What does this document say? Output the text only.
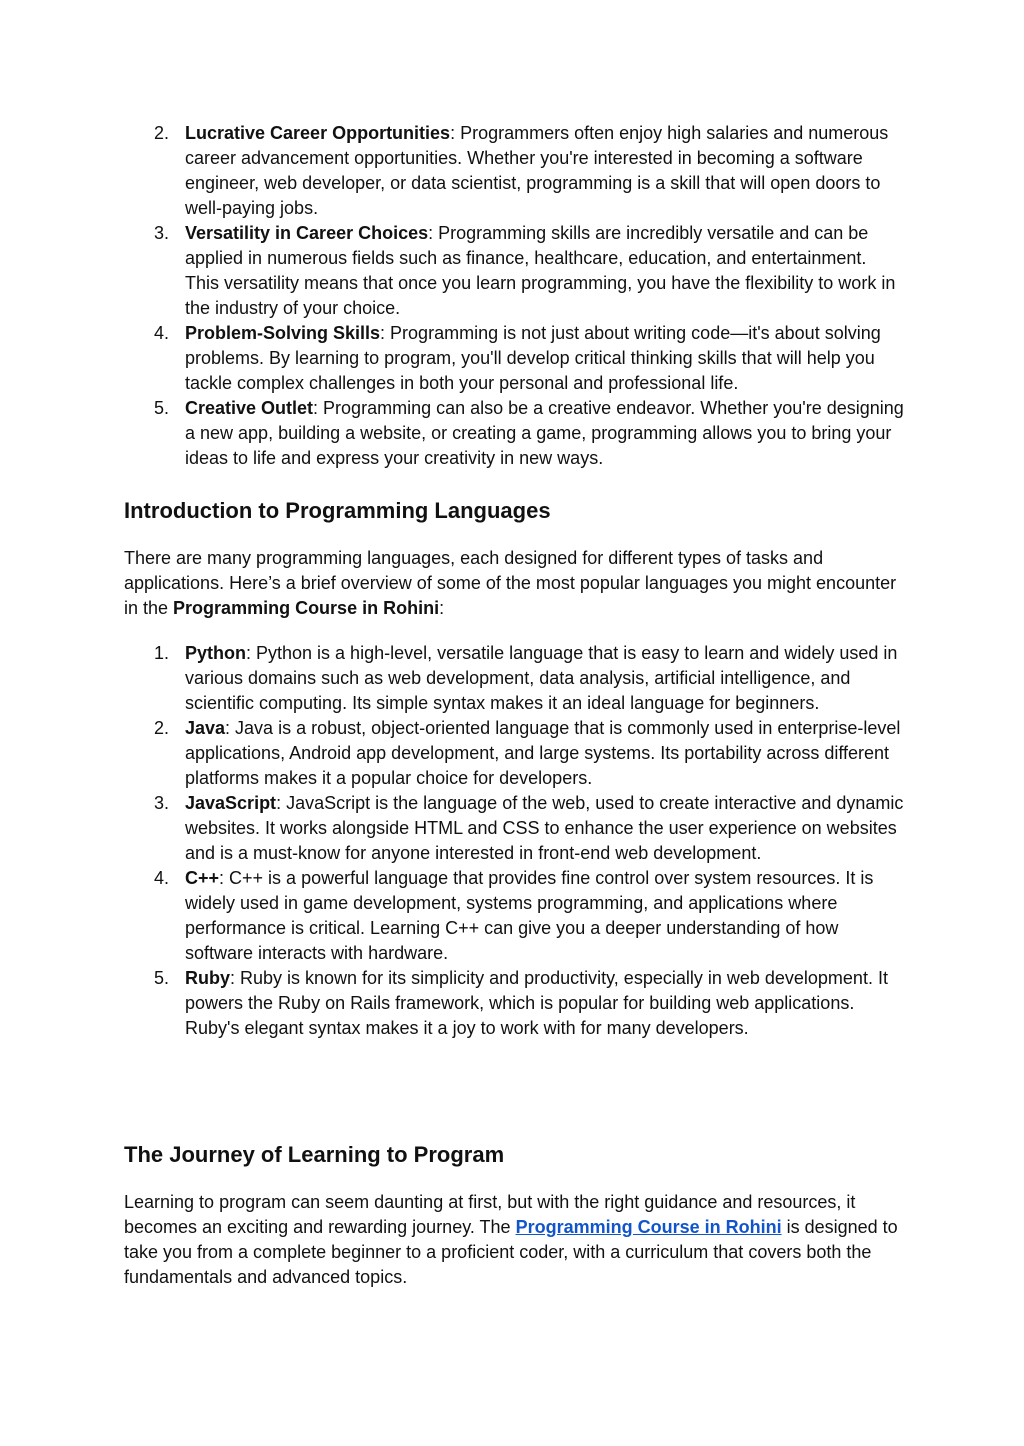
2. Lucrative Career Opportunities: Programmers often enjoy high salaries and numerous career advancement opportunities. Whether you're interested in becoming a software engineer, web developer, or data scientist, programming is a skill that will open doors to well-paying jobs.
3. Versatility in Career Choices: Programming skills are incredibly versatile and can be applied in numerous fields such as finance, healthcare, education, and entertainment. This versatility means that once you learn programming, you have the flexibility to work in the industry of your choice.
4. Problem-Solving Skills: Programming is not just about writing code—it's about solving problems. By learning to program, you'll develop critical thinking skills that will help you tackle complex challenges in both your personal and professional life.
5. Creative Outlet: Programming can also be a creative endeavor. Whether you're designing a new app, building a website, or creating a game, programming allows you to bring your ideas to life and express your creativity in new ways.
Introduction to Programming Languages

There are many programming languages, each designed for different types of tasks and applications. Here’s a brief overview of some of the most popular languages you might encounter in the Programming Course in Rohini:

1. Python: Python is a high-level, versatile language that is easy to learn and widely used in various domains such as web development, data analysis, artificial intelligence, and scientific computing. Its simple syntax makes it an ideal language for beginners.
2. Java: Java is a robust, object-oriented language that is commonly used in enterprise-level applications, Android app development, and large systems. Its portability across different platforms makes it a popular choice for developers.
3. JavaScript: JavaScript is the language of the web, used to create interactive and dynamic websites. It works alongside HTML and CSS to enhance the user experience on websites and is a must-know for anyone interested in front-end web development.
4. C++: C++ is a powerful language that provides fine control over system resources. It is widely used in game development, systems programming, and applications where performance is critical. Learning C++ can give you a deeper understanding of how software interacts with hardware.
5. Ruby: Ruby is known for its simplicity and productivity, especially in web development. It powers the Ruby on Rails framework, which is popular for building web applications. Ruby's elegant syntax makes it a joy to work with for many developers.
The Journey of Learning to Program

Learning to program can seem daunting at first, but with the right guidance and resources, it becomes an exciting and rewarding journey. The Programming Course in Rohini is designed to take you from a complete beginner to a proficient coder, with a curriculum that covers both the fundamentals and advanced topics.
